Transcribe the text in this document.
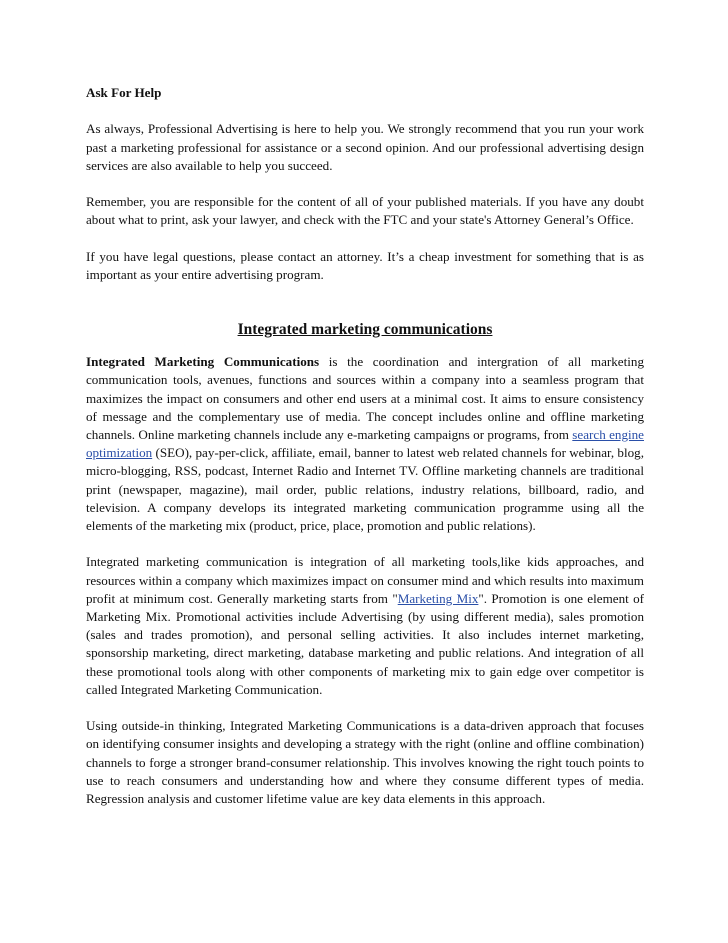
Ask For Help

As always, Professional Advertising is here to help you. We strongly recommend that you run your work past a marketing professional for assistance or a second opinion. And our professional advertising design services are also available to help you succeed.

Remember, you are responsible for the content of all of your published materials. If you have any doubt about what to print, ask your lawyer, and check with the FTC and your state's Attorney General’s Office.

If you have legal questions, please contact an attorney. It’s a cheap investment for something that is as important as your entire advertising program.

Integrated marketing communications

Integrated Marketing Communications is the coordination and intergration of all marketing communication tools, avenues, functions and sources within a company into a seamless program that maximizes the impact on consumers and other end users at a minimal cost. It aims to ensure consistency of message and the complementary use of media. The concept includes online and offline marketing channels. Online marketing channels include any e-marketing campaigns or programs, from search engine optimization (SEO), pay-per-click, affiliate, email, banner to latest web related channels for webinar, blog, micro-blogging, RSS, podcast, Internet Radio and Internet TV. Offline marketing channels are traditional print (newspaper, magazine), mail order, public relations, industry relations, billboard, radio, and television. A company develops its integrated marketing communication programme using all the elements of the marketing mix (product, price, place, promotion and public relations).

Integrated marketing communication is integration of all marketing tools,like kids approaches, and resources within a company which maximizes impact on consumer mind and which results into maximum profit at minimum cost. Generally marketing starts from "Marketing Mix". Promotion is one element of Marketing Mix. Promotional activities include Advertising (by using different media), sales promotion (sales and trades promotion), and personal selling activities. It also includes internet marketing, sponsorship marketing, direct marketing, database marketing and public relations. And integration of all these promotional tools along with other components of marketing mix to gain edge over competitor is called Integrated Marketing Communication.

Using outside-in thinking, Integrated Marketing Communications is a data-driven approach that focuses on identifying consumer insights and developing a strategy with the right (online and offline combination) channels to forge a stronger brand-consumer relationship. This involves knowing the right touch points to use to reach consumers and understanding how and where they consume different types of media. Regression analysis and customer lifetime value are key data elements in this approach.
